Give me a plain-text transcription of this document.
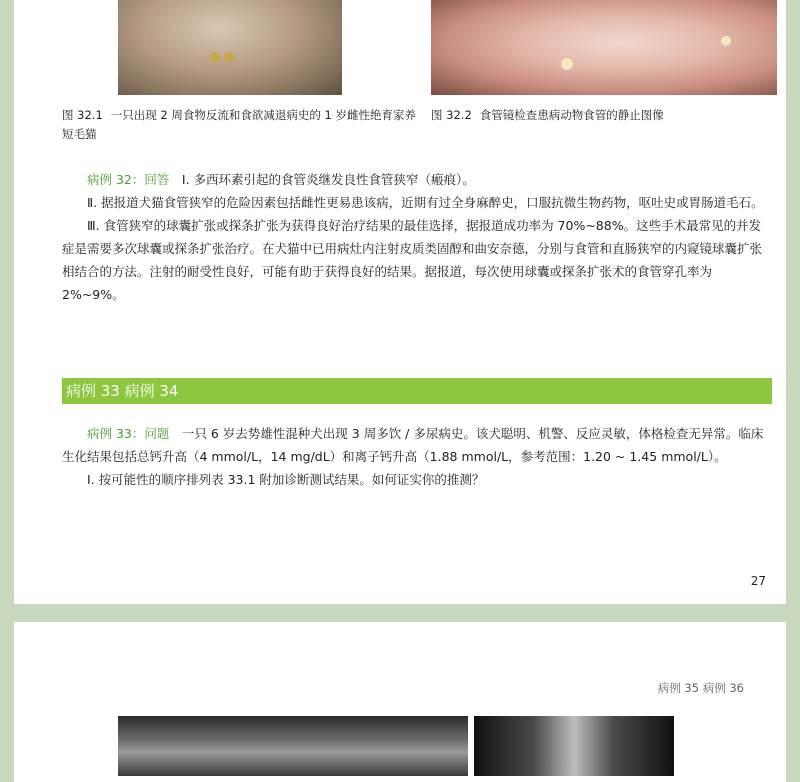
图 32.1 一只出现 2 周食物反流和食欲减退病史的 1 岁雌性绝育家养短毛猫
图 32.2 食管镜检查患病动物食管的静止图像
病例 32：回答　 Ⅰ. 多西环素引起的食管炎继发良性食管狭窄（瘢痕）。
Ⅱ. 据报道犬猫食管狭窄的危险因素包括雌性更易患该病，近期有过全身麻醉史，口服抗微生物药物，呕吐史或胃肠道毛石。
Ⅲ. 食管狭窄的球囊扩张或探条扩张为获得良好治疗结果的最佳选择，据报道成功率为 70%~88%。这些手术最常见的并发症是需要多次球囊或探条扩张治疗。在犬猫中已用病灶内注射皮质类固醇和曲安奈德，分别与食管和直肠狭窄的内窥镜球囊扩张相结合的方法。注射的耐受性良好，可能有助于获得良好的结果。据报道，每次使用球囊或探条扩张术的食管穿孔率为 2%~9%。
病例 33 病例 34
病例 33：问题　 一只 6 岁去势雄性混种犬出现 3 周多饮 / 多尿病史。该犬聪明、机警、反应灵敏，体格检查无异常。临床生化结果包括总钙升高（4 mmol/L，14 mg/dL）和离子钙升高（1.88 mmol/L，参考范围：1.20 ~ 1.45 mmol/L）。
Ⅰ. 按可能性的顺序排列表 33.1 附加诊断测试结果。如何证实你的推测？
27
病例 35 病例 36
